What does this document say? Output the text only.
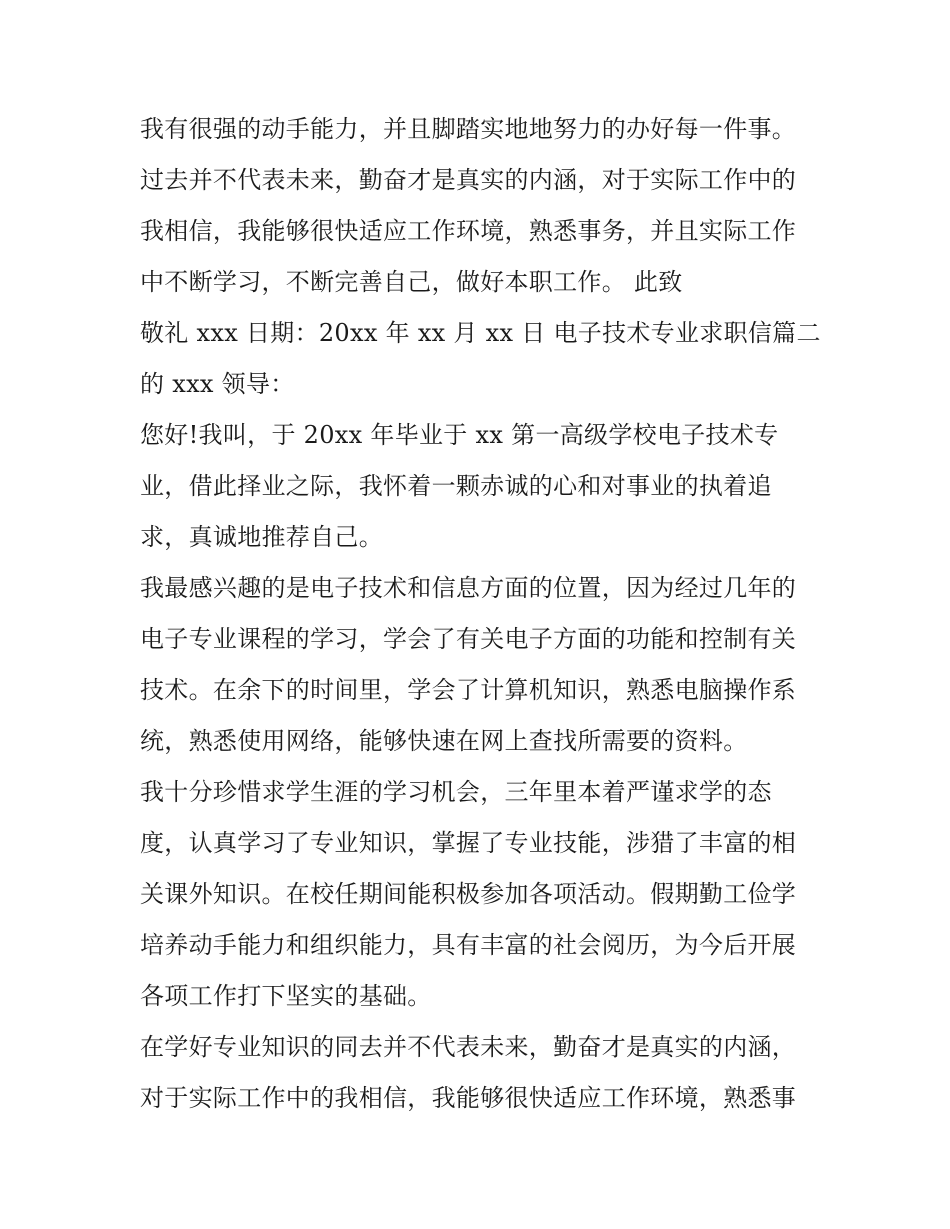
我有很强的动手能力，并且脚踏实地地努力的办好每一件事。
过去并不代表未来，勤奋才是真实的内涵，对于实际工作中的
我相信，我能够很快适应工作环境，熟悉事务，并且实际工作
中不断学习，不断完善自己，做好本职工作。 此致
敬礼 xxx 日期：20xx 年 xx 月 xx 日 电子技术专业求职信篇二
的 xxx 领导：
您好!我叫，于 20xx 年毕业于 xx 第一高级学校电子技术专
业，借此择业之际，我怀着一颗赤诚的心和对事业的执着追
求，真诚地推荐自己。
我最感兴趣的是电子技术和信息方面的位置，因为经过几年的
电子专业课程的学习，学会了有关电子方面的功能和控制有关
技术。在余下的时间里，学会了计算机知识，熟悉电脑操作系
统，熟悉使用网络，能够快速在网上查找所需要的资料。
我十分珍惜求学生涯的学习机会，三年里本着严谨求学的态
度，认真学习了专业知识，掌握了专业技能，涉猎了丰富的相
关课外知识。在校任期间能积极参加各项活动。假期勤工俭学
培养动手能力和组织能力，具有丰富的社会阅历，为今后开展
各项工作打下坚实的基础。
在学好专业知识的同去并不代表未来，勤奋才是真实的内涵，
对于实际工作中的我相信，我能够很快适应工作环境，熟悉事
